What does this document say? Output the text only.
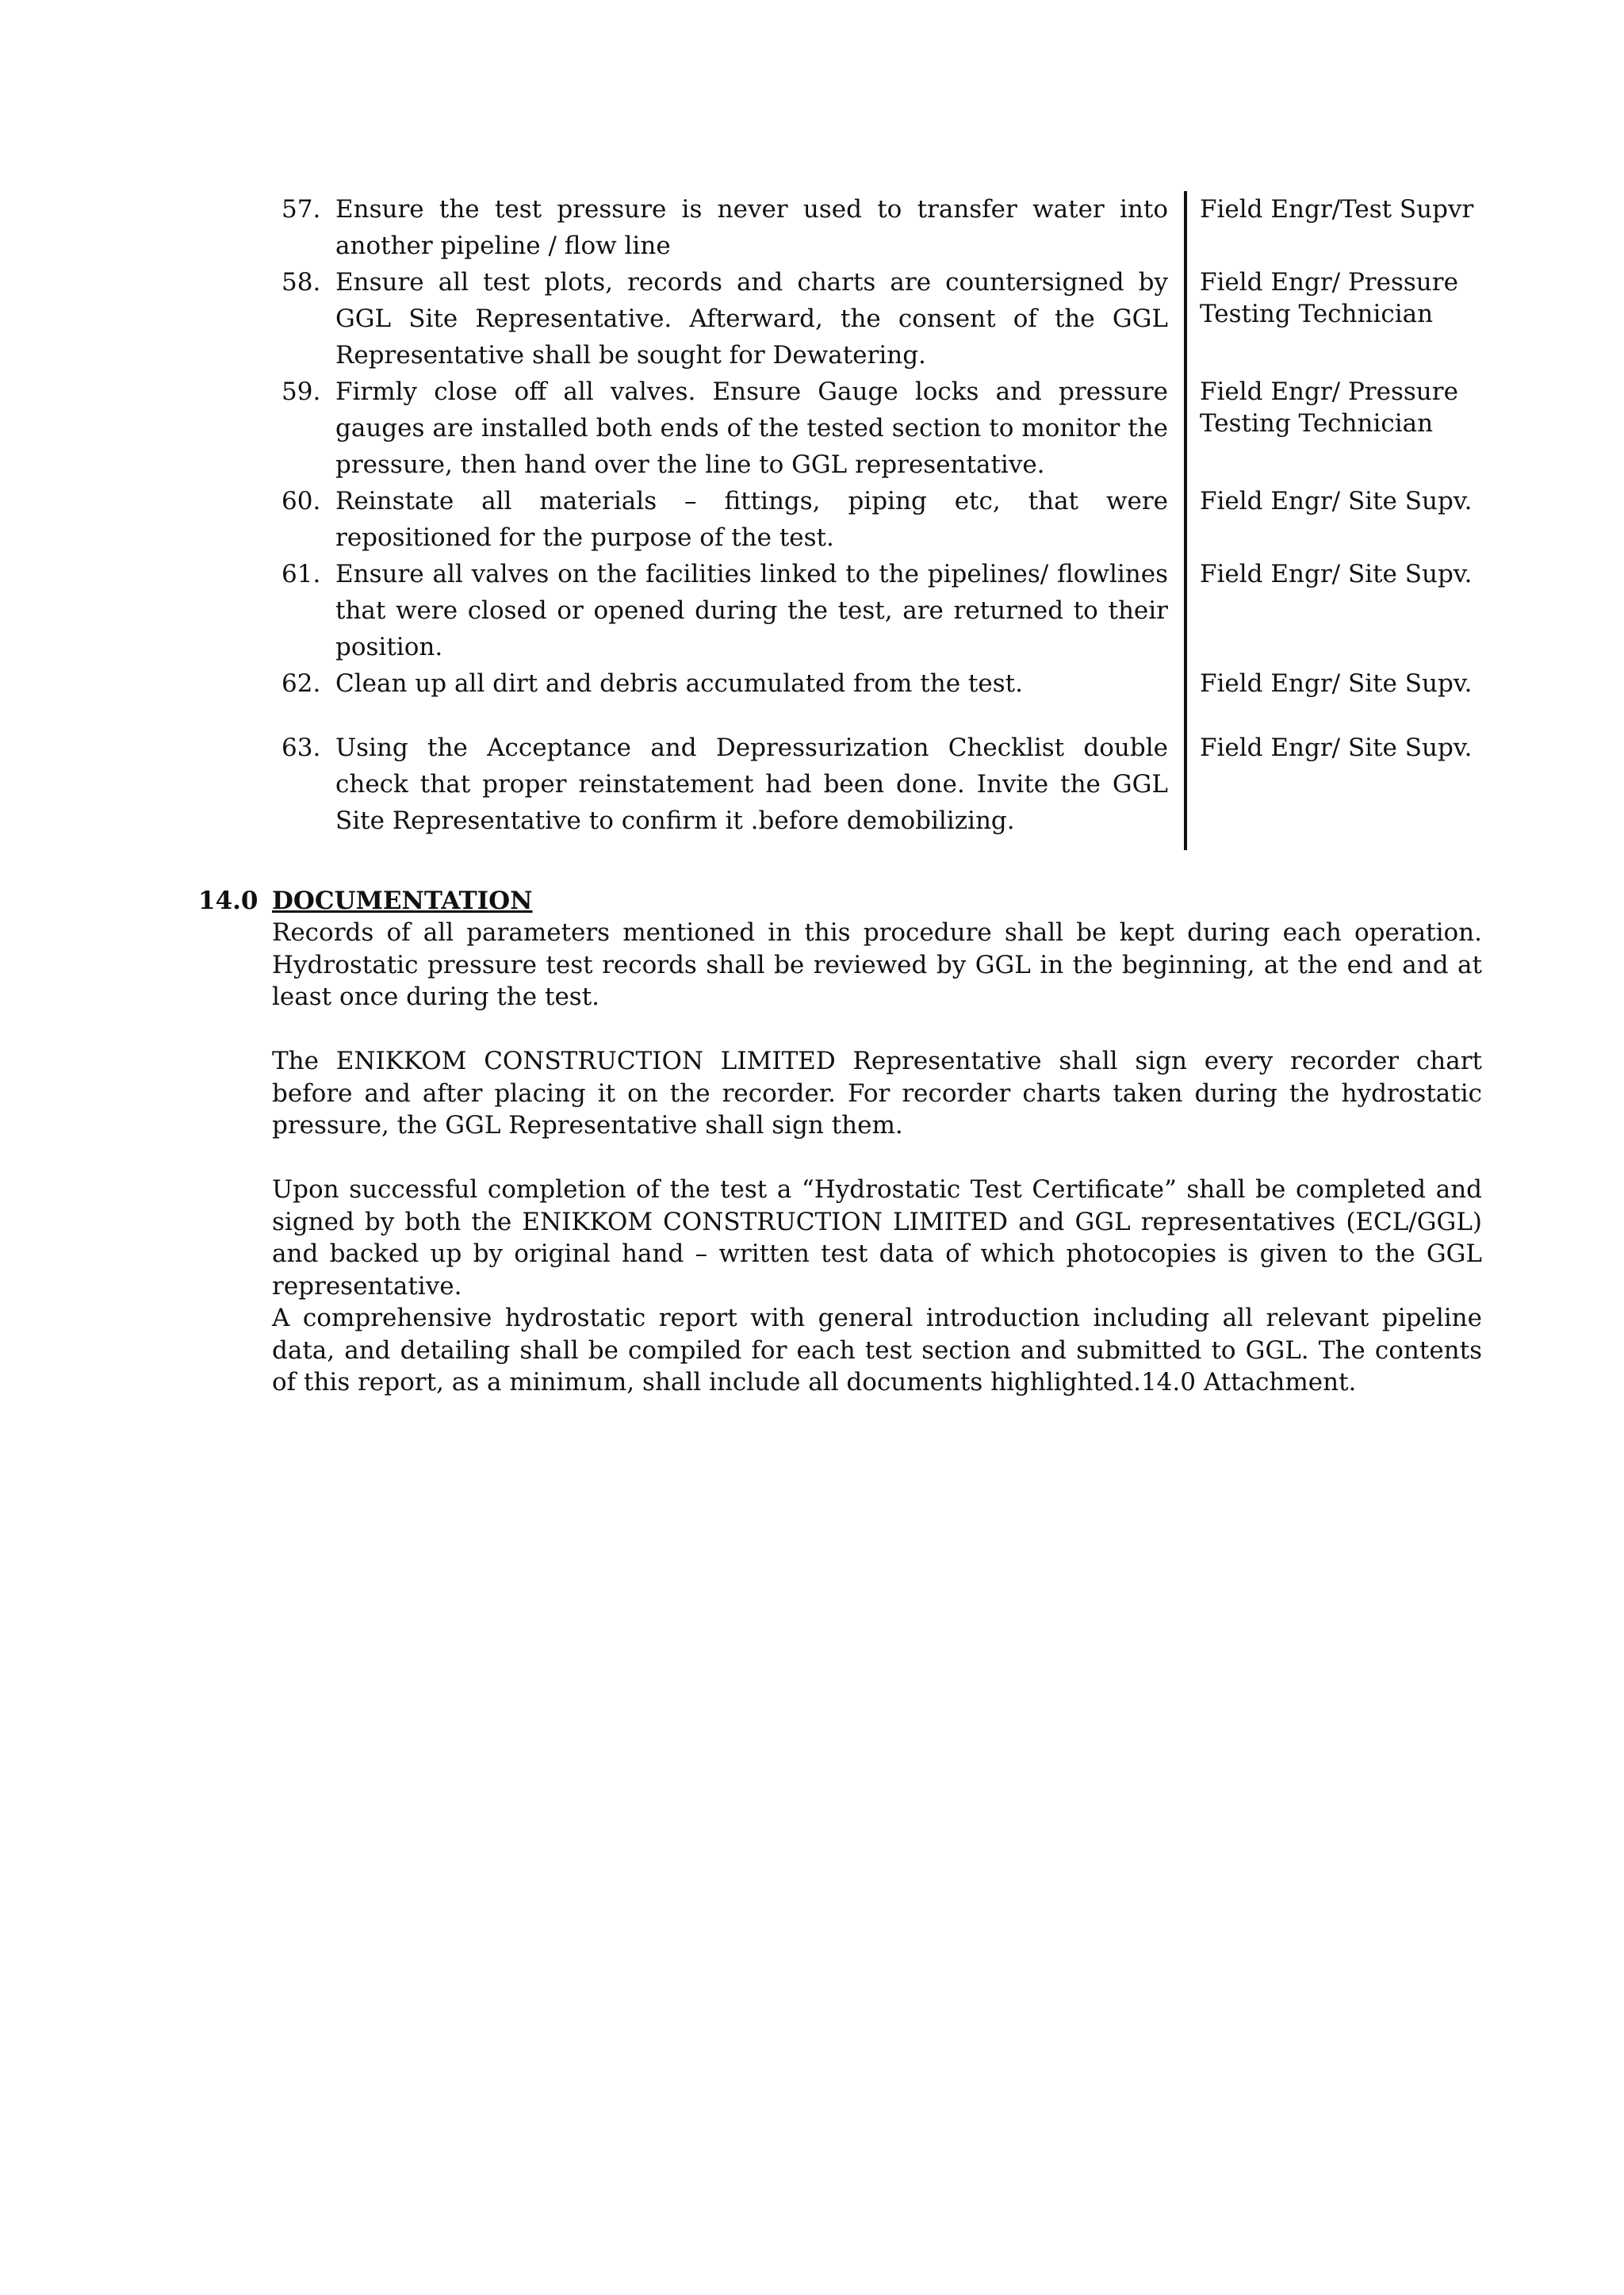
57. Ensure the test pressure is never used to transfer water into another pipeline / flow line
Field Engr/Test Supvr
58. Ensure all test plots, records and charts are countersigned by GGL Site Representative. Afterward, the consent of the GGL Representative shall be sought for Dewatering.
Field Engr/ Pressure Testing Technician
59. Firmly close off all valves. Ensure Gauge locks and pressure gauges are installed both ends of the tested section to monitor the pressure, then hand over the line to GGL representative.
Field Engr/ Pressure Testing Technician
60. Reinstate all materials – fittings, piping etc, that were repositioned for the purpose of the test.
Field Engr/ Site Supv.
61. Ensure all valves on the facilities linked to the pipelines/ flowlines that were closed or opened during the test, are returned to their position.
Field Engr/ Site Supv.
62. Clean up all dirt and debris accumulated from the test.	Field Engr/ Site Supv.
63. Using the Acceptance and Depressurization Checklist double check that proper reinstatement had been done. Invite the GGL Site Representative to confirm it .before demobilizing.
Field Engr/ Site Supv.
14.0 DOCUMENTATION
Records of all parameters mentioned in this procedure shall be kept during each operation. Hydrostatic pressure test records shall be reviewed by GGL in the beginning, at the end and at least once during the test.
The ENIKKOM CONSTRUCTION LIMITED Representative shall sign every recorder chart before and after placing it on the recorder. For recorder charts taken during the hydrostatic pressure, the GGL Representative shall sign them.
Upon successful completion of the test a “Hydrostatic Test Certificate” shall be completed and signed by both the ENIKKOM CONSTRUCTION LIMITED and GGL representatives (ECL/GGL) and backed up by original hand – written test data of which photocopies is given to the GGL representative.
A comprehensive hydrostatic report with general introduction including all relevant pipeline data, and detailing shall be compiled for each test section and submitted to GGL. The contents of this report, as a minimum, shall include all documents highlighted.14.0 Attachment.
